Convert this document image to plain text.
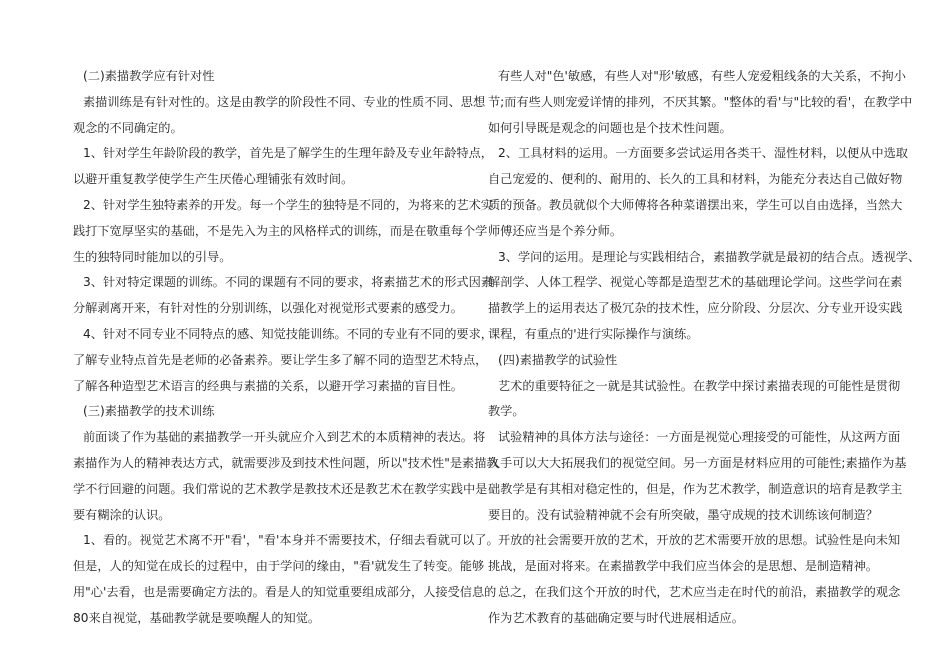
(二)素描教学应有针对性
素描训练是有针对性的。这是由教学的阶段性不同、专业的性质不同、思想
观念的不同确定的。
1、针对学生年龄阶段的教学，首先是了解学生的生理年龄及专业年龄特点，
以避开重复教学使学生产生厌倦心理铺张有效时间。
2、针对学生独特素养的开发。每一个学生的独特是不同的，为将来的艺术实
践打下宽厚坚实的基础，不是先入为主的风格样式的训练，而是在敬重每个学
生的独特同时能加以的引导。
3、针对特定课题的训练。不同的课题有不同的要求，将素描艺术的形式因素
分解剥离开来，有针对性的分别训练，以强化对视觉形式要素的感受力。
4、针对不同专业不同特点的感、知觉技能训练。不同的专业有不同的要求，
了解专业特点首先是老师的必备素养。要让学生多了解不同的造型艺术特点，
了解各种造型艺术语言的经典与素描的关系，以避开学习素描的盲目性。
(三)素描教学的技术训练
前面谈了作为基础的素描教学一开头就应介入到艺术的本质精神的表达。将
素描作为人的精神表达方式，就需要涉及到技术性问题，所以"技术性"是素描教
学不行回避的问题。我们常说的艺术教学是教技术还是教艺术在教学实践中是
要有糊涂的认识。
1、看的。视觉艺术离不开"看'，"看'本身并不需要技术，仔细去看就可以了。
但是，人的知觉在成长的过程中，由于学问的缘由，"看'就发生了转变。能够
用"心'去看，也是需要确定方法的。看是人的知觉重要组成部分，人接受信息的
80来自视觉，基础教学就是要唤醒人的知觉。
有些人对"色'敏感，有些人对"形'敏感，有些人宠爱粗线条的大关系，不拘小
节;而有些人则宠爱详情的排列，不厌其繁。"整体的看'与"比较的看'，在教学中
如何引导既是观念的问题也是个技术性问题。
2、工具材料的运用。一方面要多尝试运用各类干、湿性材料，以便从中选取
自己宠爱的、便利的、耐用的、长久的工具和材料，为能充分表达自己做好物
质的预备。教员就似个大师傅将各种菜谱摆出来，学生可以自由选择，当然大
师傅还应当是个养分师。
3、学问的运用。是理论与实践相结合，素描教学就是最初的结合点。透视学、
解剖学、人体工程学、视觉心等都是造型艺术的基础理论学问。这些学问在素
描教学上的运用表达了极冗杂的技术性，应分阶段、分层次、分专业开设实践
课程，有重点的'进行实际操作与演练。
(四)素描教学的试验性
艺术的重要特征之一就是其试验性。在教学中探讨素描表现的可能性是贯彻
教学。
试验精神的具体方法与途径：一方面是视觉心理接受的可能性，从这两方面
入手可以大大拓展我们的视觉空间。另一方面是材料应用的可能性;素描作为基
础教学是有其相对稳定性的，但是，作为艺术教学，制造意识的培育是教学主
要目的。没有试验精神就不会有所突破，墨守成规的技术训练该何制造？
开放的社会需要开放的艺术，开放的艺术需要开放的思想。试验性是向未知
挑战，是面对将来。在素描教学中我们应当体会的是思想、是制造精神。
总之，在我们这个开放的时代，艺术应当走在时代的前沿，素描教学的观念
作为艺术教育的基础确定要与时代进展相适应。
